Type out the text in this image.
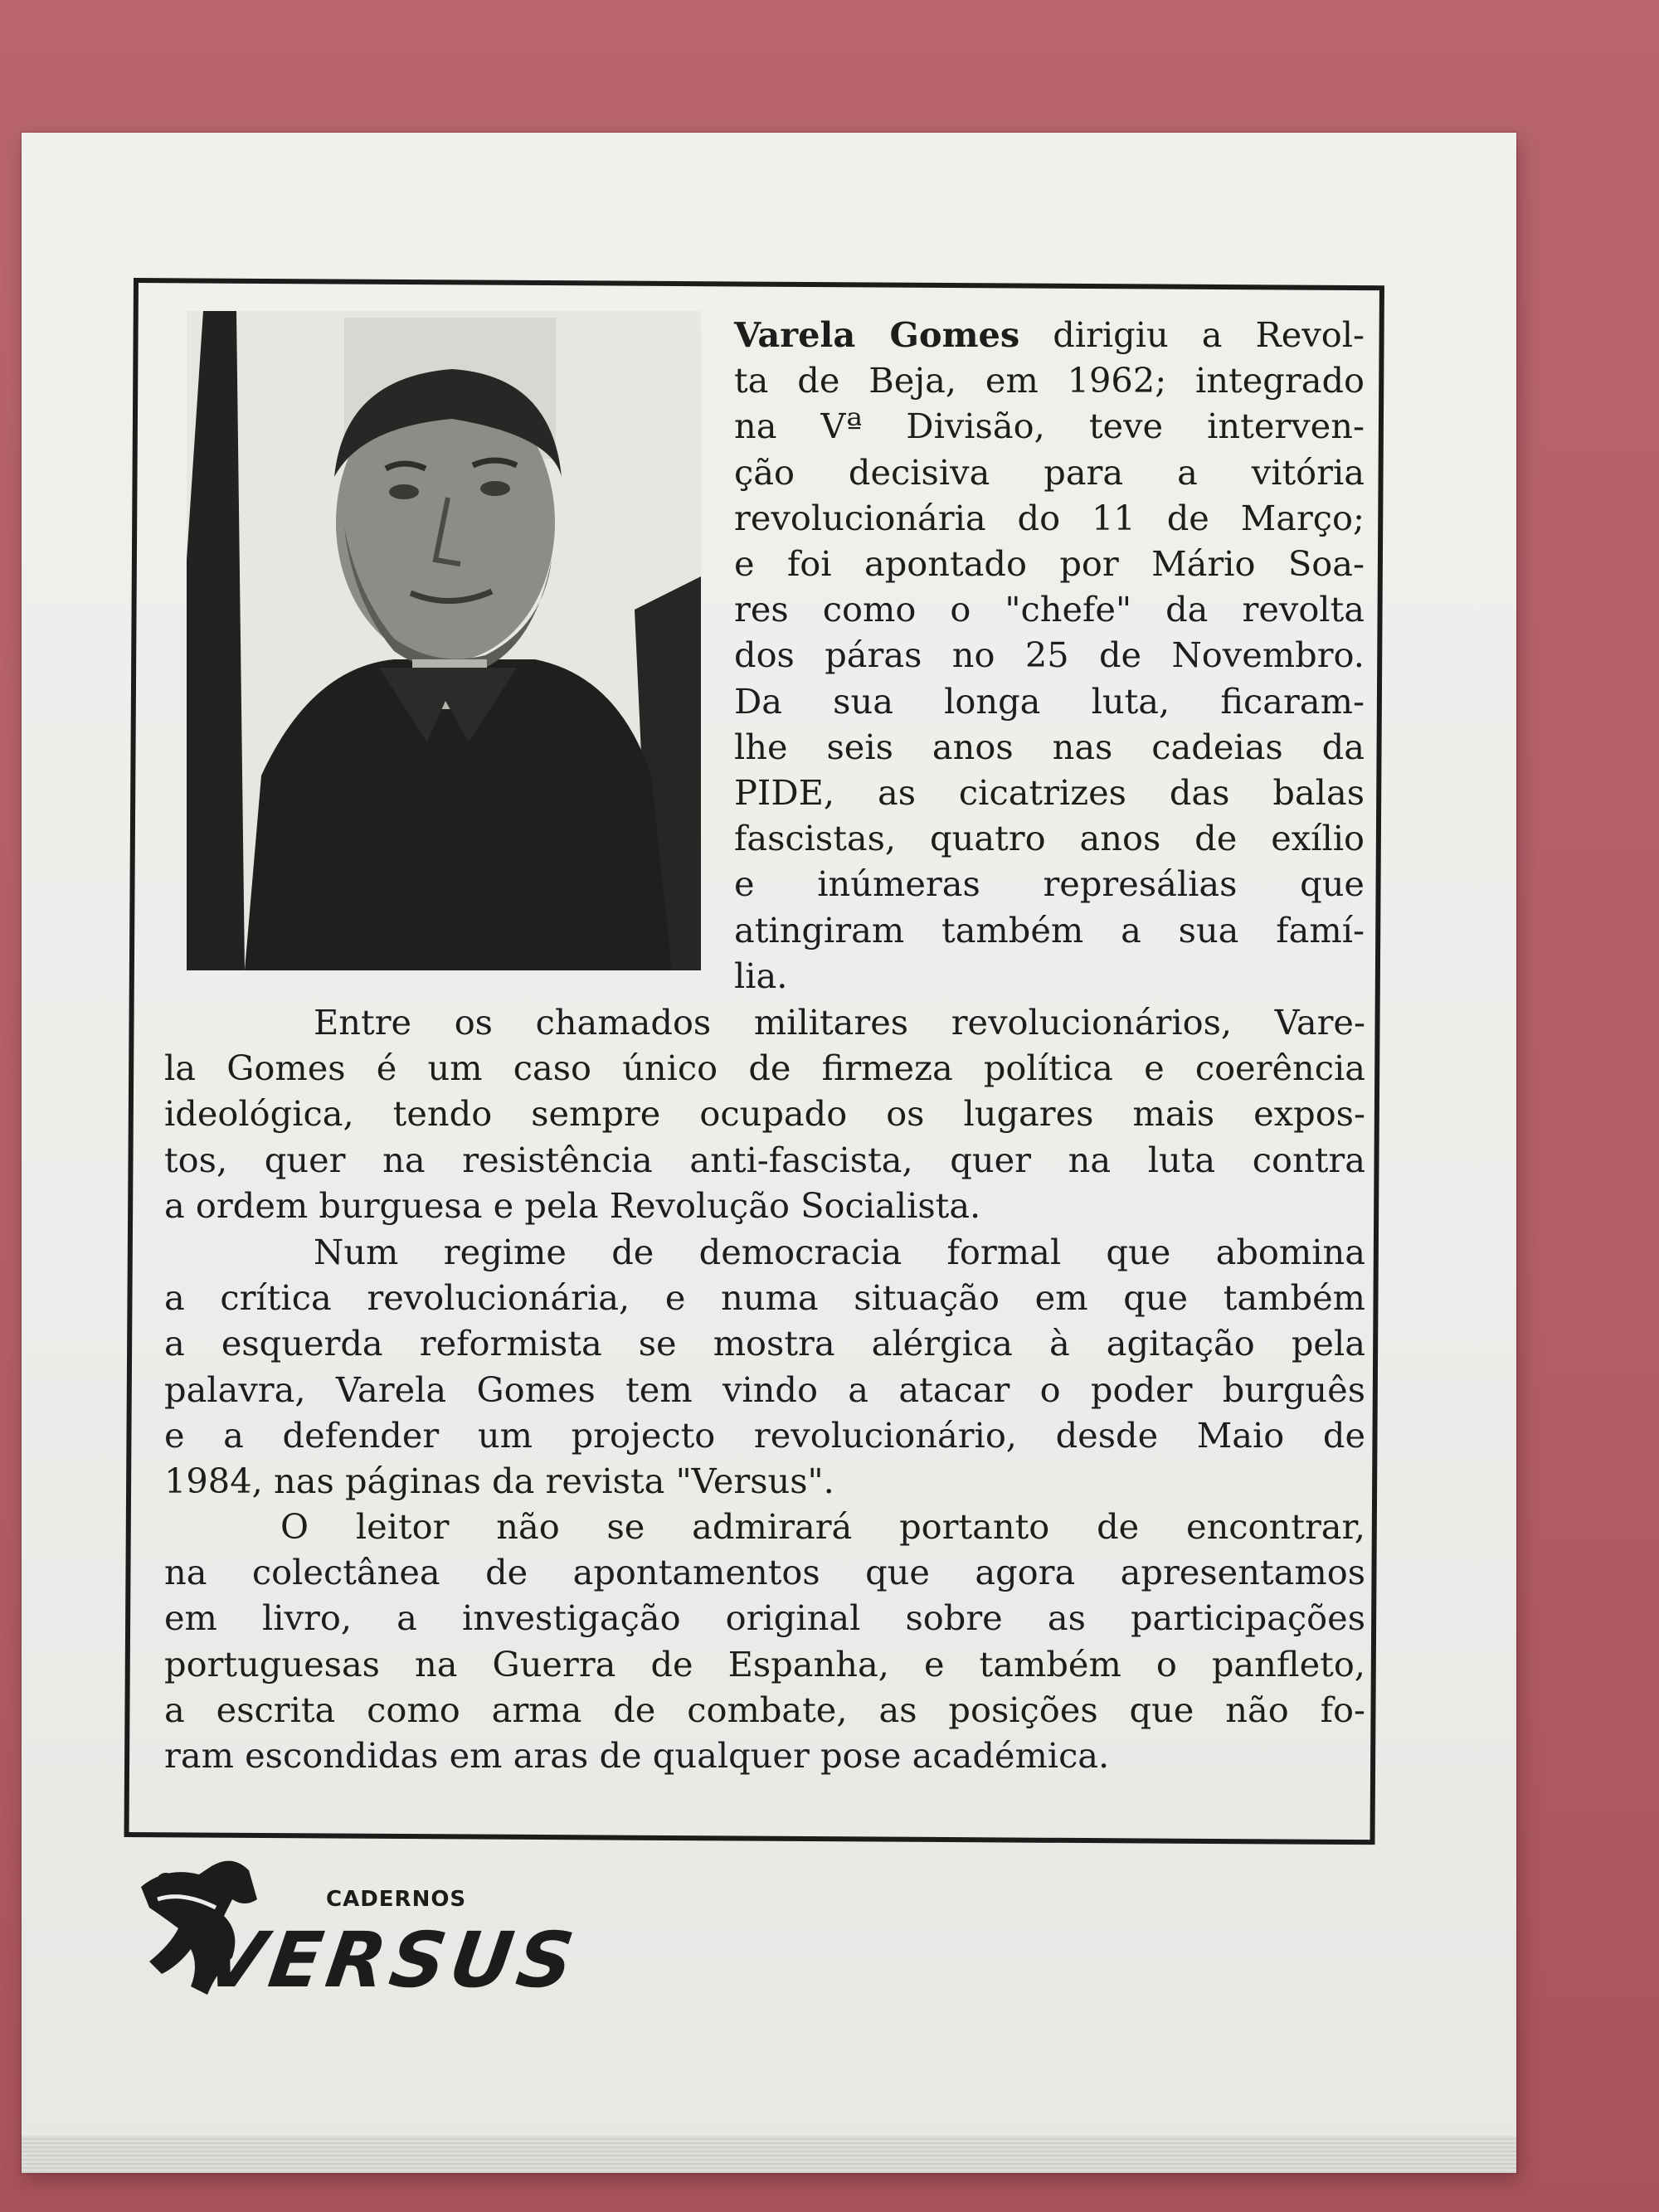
Varela Gomes dirigiu a Revol-
ta de Beja, em 1962; integrado
na Vª Divisão, teve interven-
ção decisiva para a vitória
revolucionária do 11 de Março;
e foi apontado por Mário Soa-
res como o "chefe" da revolta
dos páras no 25 de Novembro.
Da sua longa luta, ficaram-
lhe seis anos nas cadeias da
PIDE, as cicatrizes das balas
fascistas, quatro anos de exílio
e inúmeras represálias que
atingiram também a sua famí-
lia.
Entre os chamados militares revolucionários, Vare-
la Gomes é um caso único de firmeza política e coerência
ideológica, tendo sempre ocupado os lugares mais expos-
tos, quer na resistência anti-fascista, quer na luta contra
a ordem burguesa e pela Revolução Socialista.
Num regime de democracia formal que abomina
a crítica revolucionária, e numa situação em que também
a esquerda reformista se mostra alérgica à agitação pela
palavra, Varela Gomes tem vindo a atacar o poder burguês
e a defender um projecto revolucionário, desde Maio de
1984, nas páginas da revista "Versus".
O leitor não se admirará portanto de encontrar,
na colectânea de apontamentos que agora apresentamos
em livro, a investigação original sobre as participações
portuguesas na Guerra de Espanha, e também o panfleto,
a escrita como arma de combate, as posições que não fo-
ram escondidas em aras de qualquer pose académica.
CADERNOS
VERSUS
